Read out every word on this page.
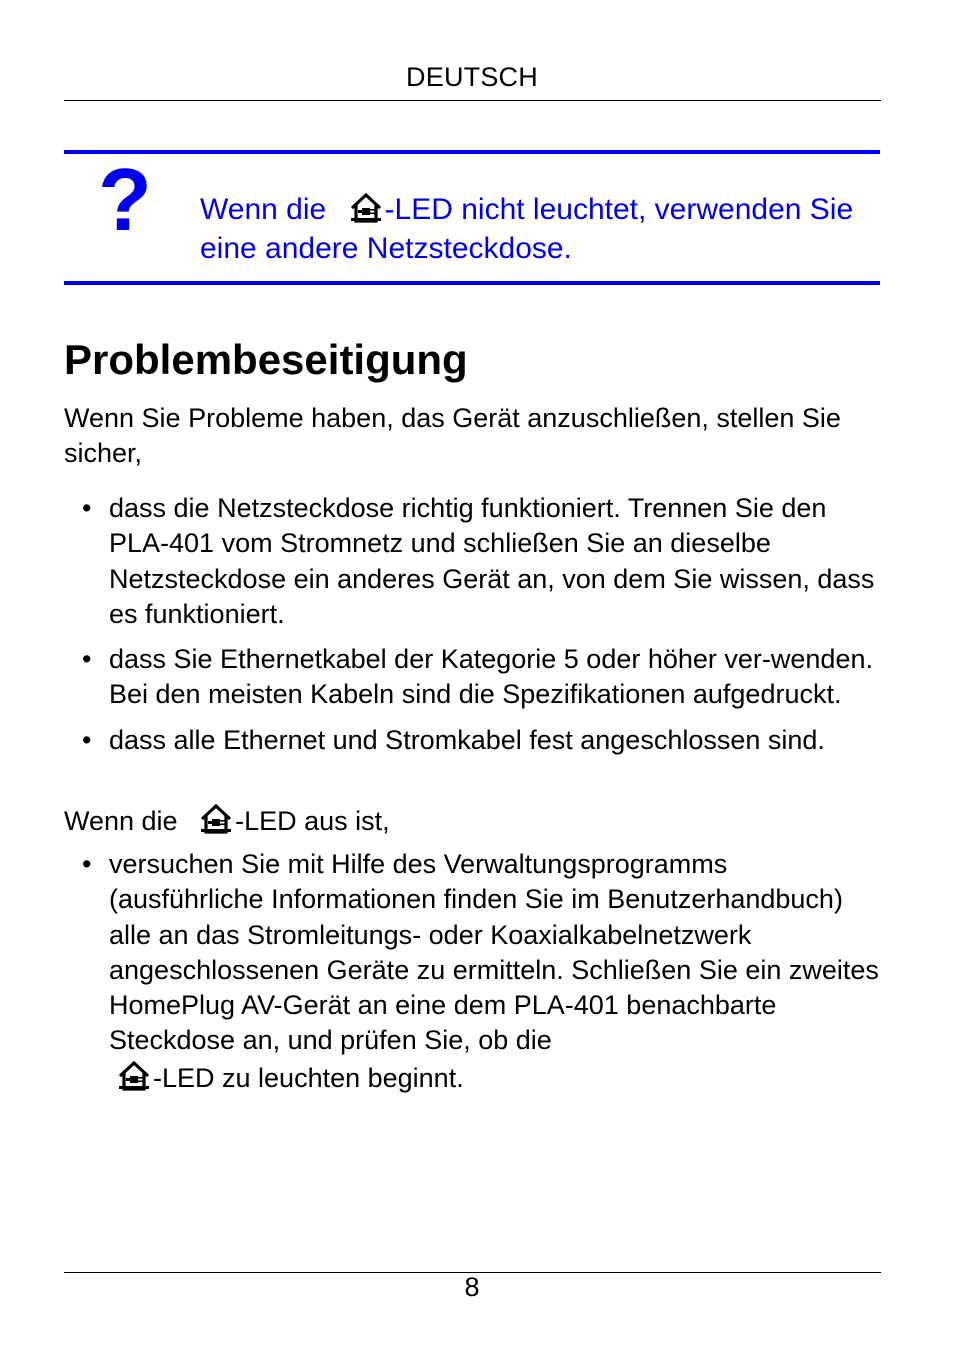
DEUTSCH
? Wenn die -LED nicht leuchtet, verwenden Sie eine andere Netzsteckdose.
Problembeseitigung

Wenn Sie Probleme haben, das Gerät anzuschließen, stellen Sie sicher,

• dass die Netzsteckdose richtig funktioniert. Trennen Sie den PLA-401 vom Stromnetz und schließen Sie an dieselbe Netzsteckdose ein anderes Gerät an, von dem Sie wissen, dass es funktioniert.
• dass Sie Ethernetkabel der Kategorie 5 oder höher ver-wenden. Bei den meisten Kabeln sind die Spezifikationen aufgedruckt.
• dass alle Ethernet und Stromkabel fest angeschlossen sind.

Wenn die -LED aus ist,

• versuchen Sie mit Hilfe des Verwaltungsprogramms (ausführliche Informationen finden Sie im Benutzerhandbuch) alle an das Stromleitungs- oder Koaxialkabelnetzwerk angeschlossenen Geräte zu ermitteln. Schließen Sie ein zweites HomePlug AV-Gerät an eine dem PLA-401 benachbarte Steckdose an, und prüfen Sie, ob die

-LED zu leuchten beginnt.
8
